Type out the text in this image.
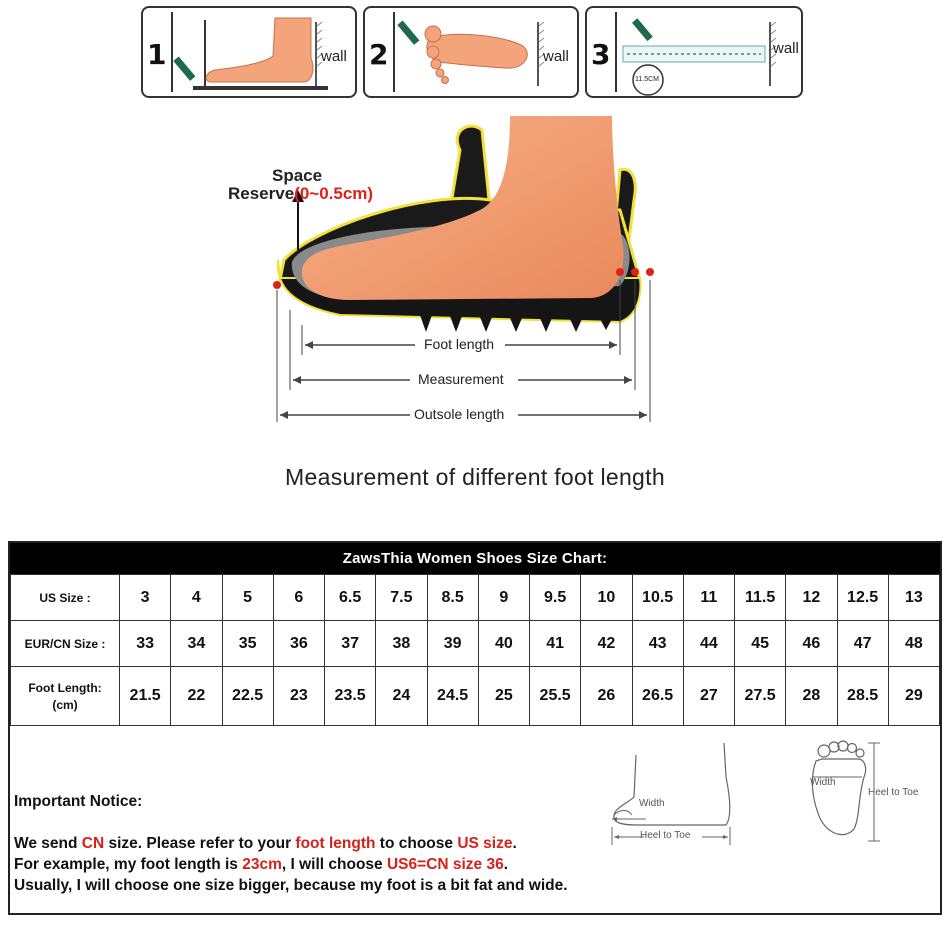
1	wall 2	wall 3
11.5CM
wall
Space
Reserve(0~0.5cm)
Foot length
Measurement
Outsole length
Measurement of different foot length
ZawsThia Women Shoes Size Chart:
US Size :	3	4	5	6	6.5	7.5	8.5	9	9.5	10	10.5	11	11.5	12	12.5	13
EUR/CN Size :	33	34	35	36	37	38	39	40	41	42	43	44	45	46	47	48

Foot Length:
(cm)	21.5	22	22.5	23	23.5	24	24.5	25	25.5	26	26.5	27	27.5	28	28.5	29
Width
Heel to Toe
Width
Heel to Toe
Important Notice:
We send CN size. Please refer to your foot length to choose US size.
For example, my foot length is 23cm, I will choose US6=CN size 36.
Usually, I will choose one size bigger, because my foot is a bit fat and wide.
